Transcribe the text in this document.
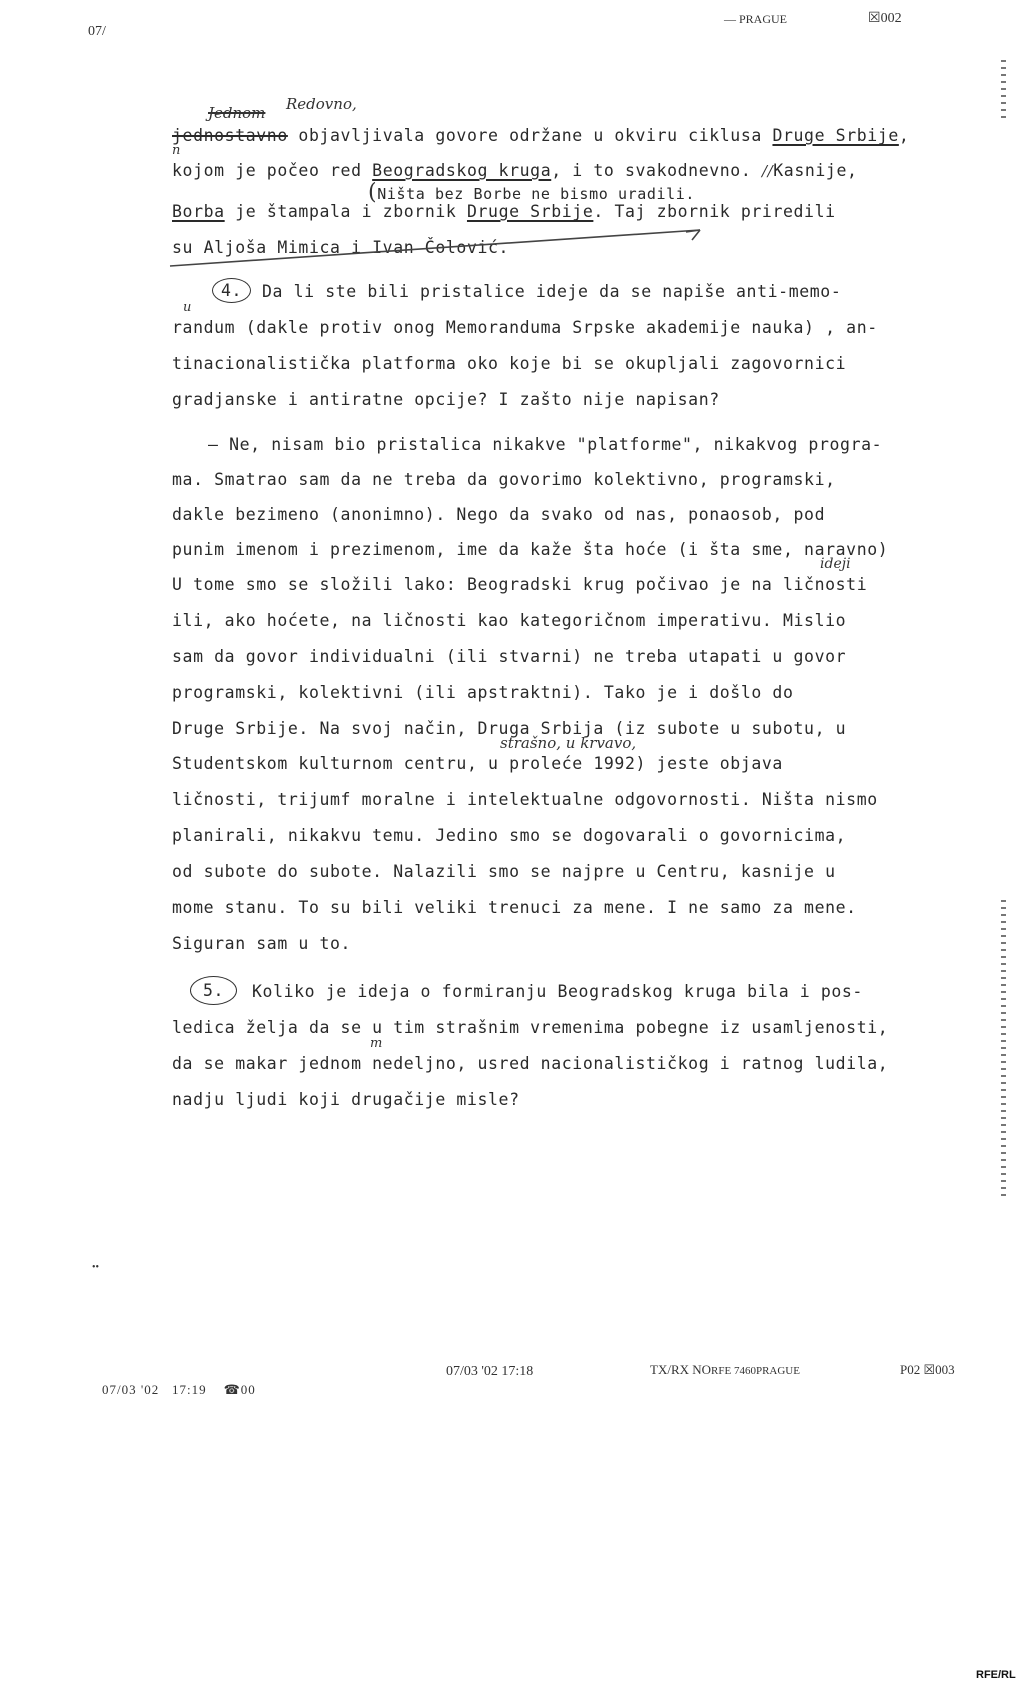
07/
— PRAGUE	☒002
Redovno,
Jednom
n
jednostavno objavljivala govore održane u okviru ciklusa Druge Srbije,
kojom je počeo red Beogradskog kruga, i to svakodnevno. //Kasnije,
(Ništa bez Borbe ne bismo uradili.
Borba je štampala i zbornik Druge Srbije. Taj zbornik priredili
su Aljoša Mimica i Ivan Čolović.
4.	Da li ste bili pristalice ideje da se napiše anti-memo-
u
randum (dakle protiv onog Memoranduma Srpske akademije nauka) , an-
tinacionalistička platforma oko koje bi se okupljali zagovornici
gradjanske i antiratne opcije? I zašto nije napisan?
— Ne, nisam bio pristalica nikakve "platforme", nikakvog progra-
ma. Smatrao sam da ne treba da govorimo kolektivno, programski,
dakle bezimeno (anonimno). Nego da svako od nas, ponaosob, pod
punim imenom i prezimenom, ime da kaže šta hoće (i šta sme, naravno)
ideji
U tome smo se složili lako: Beogradski krug počivao je na ličnosti
ili, ako hoćete, na ličnosti kao kategoričnom imperativu. Mislio
sam da govor individualni (ili stvarni) ne treba utapati u govor
programski, kolektivni (ili apstraktni). Tako je i došlo do
Druge Srbije. Na svoj način, Druga Srbija (iz subote u subotu, u
strašno, u krvavo,
Studentskom kulturnom centru, u proleće 1992) jeste objava
ličnosti, trijumf moralne i intelektualne odgovornosti. Ništa nismo
planirali, nikakvu temu. Jedino smo se dogovarali o govornicima,
od subote do subote. Nalazili smo se najpre u Centru, kasnije u
mome stanu. To su bili veliki trenuci za mene. I ne samo za mene.
Siguran sam u to.
5.	Koliko je ideja o formiranju Beogradskog kruga bila i pos-
ledica želja da se u tim strašnim vremenima pobegne iz usamljenosti,
m
da se makar jednom nedeljno, usred nacionalističkog i ratnog ludila,
nadju ljudi koji drugačije misle?
••
07/03 '02 17:19 ☎00
07/03 '02 17:18	TX/RX NORFE 7460PRAGUE	P02 ☒003
RFE/RL
